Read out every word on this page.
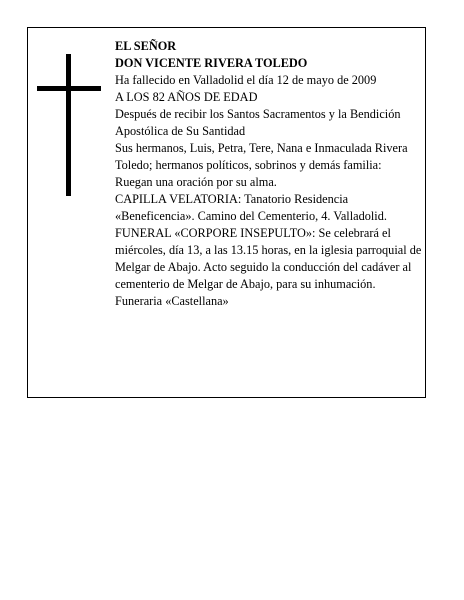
EL SEÑOR

DON VICENTE RIVERA TOLEDO

Ha fallecido en Valladolid el día 12 de mayo de 2009

A LOS 82 AÑOS DE EDAD

Después de recibir los Santos Sacramentos y la Bendición Apostólica de Su Santidad

Sus hermanos, Luis, Petra, Tere, Nana e Inmaculada Rivera Toledo; hermanos políticos, sobrinos y demás familia:

Ruegan una oración por su alma.

CAPILLA VELATORIA: Tanatorio Residencia «Beneficencia». Camino del Cementerio, 4. Valladolid.

FUNERAL «CORPORE INSEPULTO»: Se celebrará el miércoles, día 13, a las 13.15 horas, en la iglesia parroquial de Melgar de Abajo. Acto seguido la conducción del cadáver al cementerio de Melgar de Abajo, para su inhumación.

Funeraria «Castellana»
